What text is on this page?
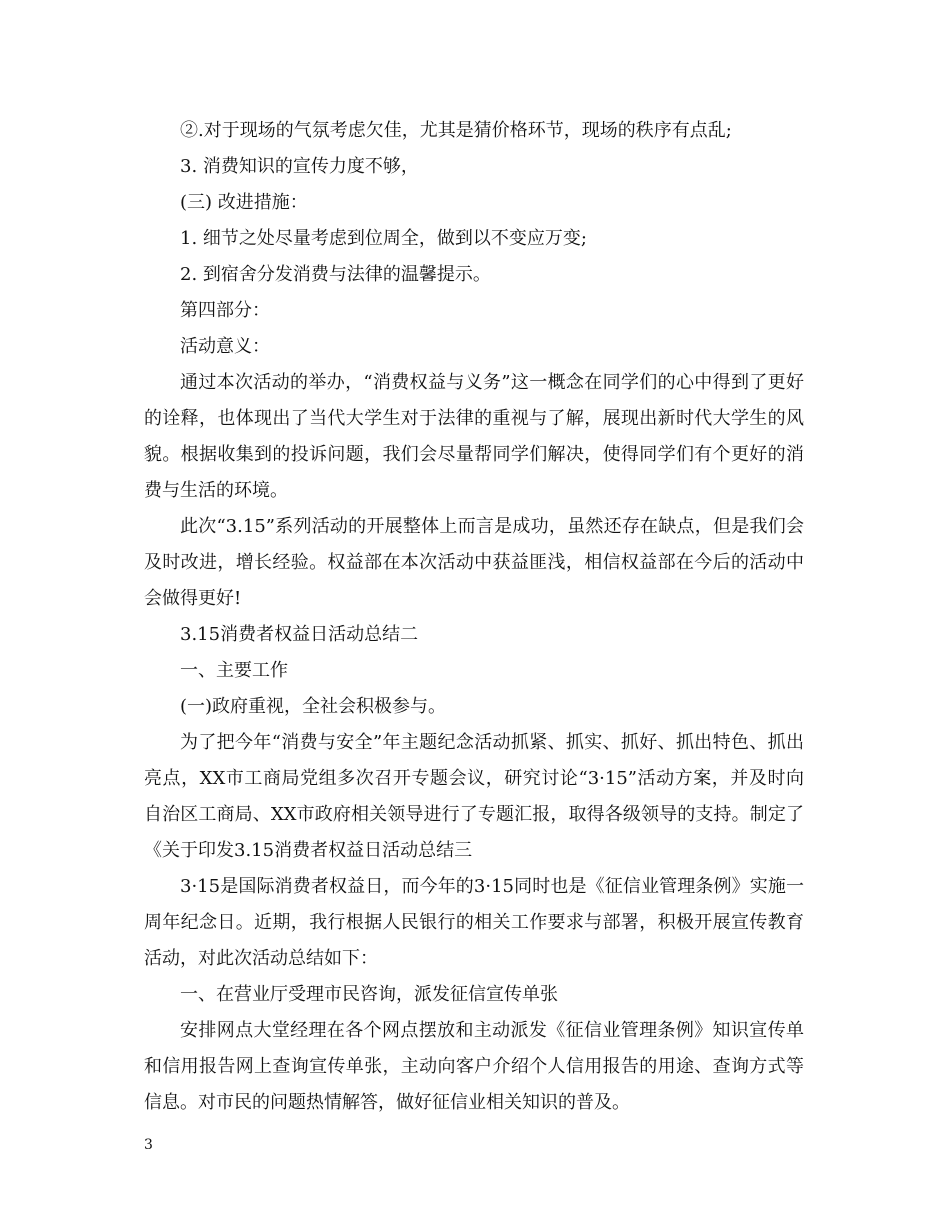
②.对于现场的气氛考虑欠佳，尤其是猜价格环节，现场的秩序有点乱;

3. 消费知识的宣传力度不够，

(三) 改进措施：

1. 细节之处尽量考虑到位周全，做到以不变应万变;

2. 到宿舍分发消费与法律的温馨提示。

第四部分：

活动意义：

通过本次活动的举办，“消费权益与义务”这一概念在同学们的心中得到了更好的诠释，也体现出了当代大学生对于法律的重视与了解，展现出新时代大学生的风貌。根据收集到的投诉问题，我们会尽量帮同学们解决，使得同学们有个更好的消费与生活的环境。

此次“3.15”系列活动的开展整体上而言是成功，虽然还存在缺点，但是我们会及时改进，增长经验。权益部在本次活动中获益匪浅，相信权益部在今后的活动中会做得更好!

3.15消费者权益日活动总结二

一、主要工作

(一)政府重视，全社会积极参与。

为了把今年“消费与安全”年主题纪念活动抓紧、抓实、抓好、抓出特色、抓出亮点，XX市工商局党组多次召开专题会议，研究讨论“3·15”活动方案，并及时向自治区工商局、XX市政府相关领导进行了专题汇报，取得各级领导的支持。制定了《关于印发3.15消费者权益日活动总结三

3·15是国际消费者权益日，而今年的3·15同时也是《征信业管理条例》实施一周年纪念日。近期，我行根据人民银行的相关工作要求与部署，积极开展宣传教育活动，对此次活动总结如下：

一、在营业厅受理市民咨询，派发征信宣传单张

安排网点大堂经理在各个网点摆放和主动派发《征信业管理条例》知识宣传单和信用报告网上查询宣传单张，主动向客户介绍个人信用报告的用途、查询方式等信息。对市民的问题热情解答，做好征信业相关知识的普及。

3
